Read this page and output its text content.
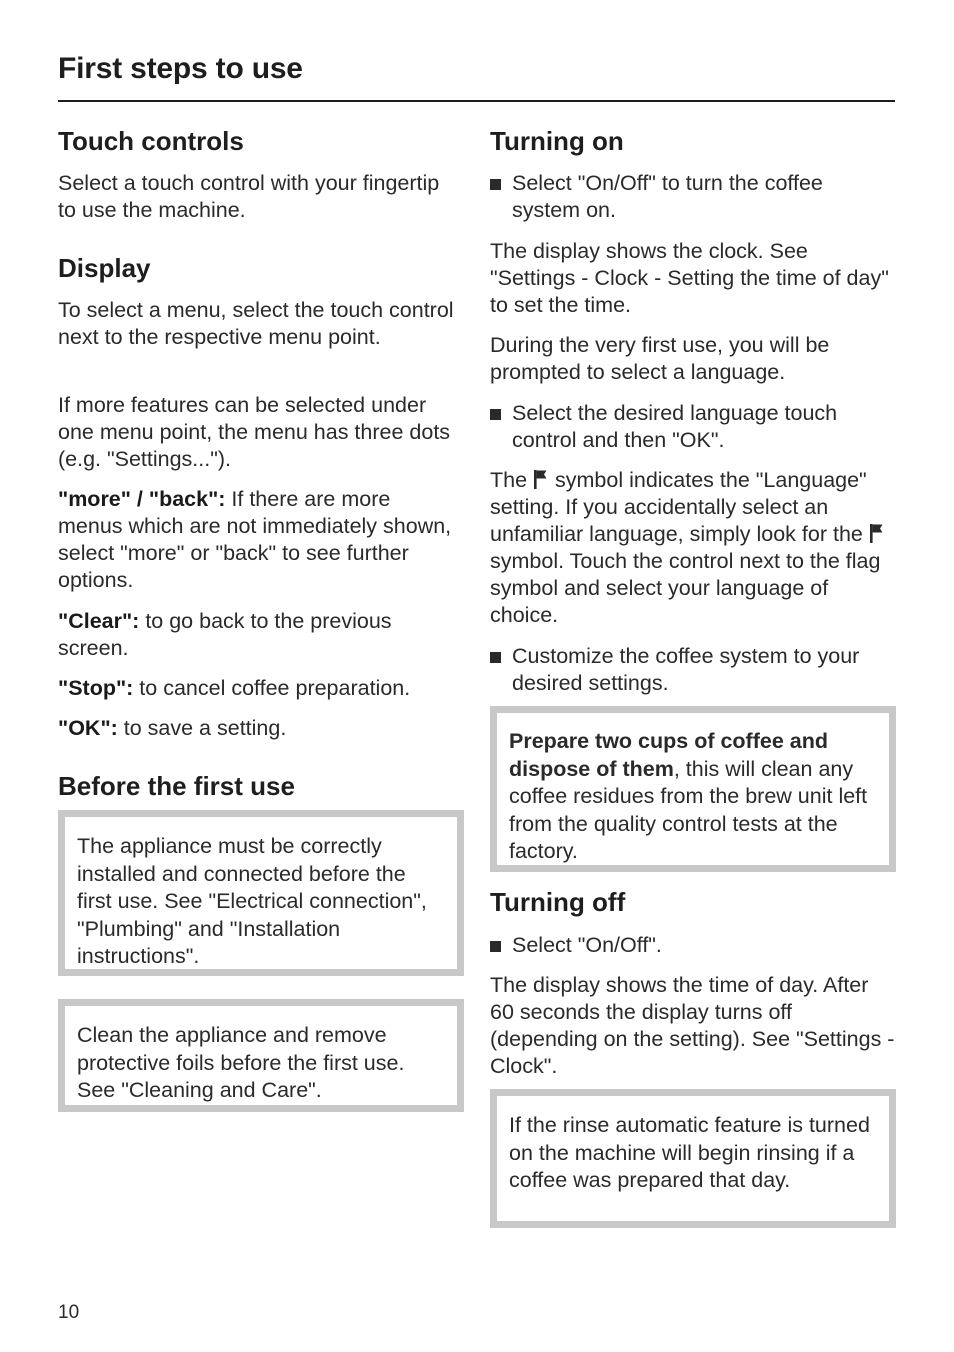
First steps to use
Touch controls

Select a touch control with your fingertip to use the machine.

Display

To select a menu, select the touch control next to the respective menu point.

If more features can be selected under one menu point, the menu has three dots (e.g. "Settings...").

"more" / "back": If there are more menus which are not immediately shown, select "more" or "back" to see further options.

"Clear": to go back to the previous screen.

"Stop": to cancel coffee preparation.

"OK": to save a setting.

Before the first use

The appliance must be correctly installed and connected before the first use. See "Electrical connection", "Plumbing" and "Installation instructions".

Clean the appliance and remove protective foils before the first use. See "Cleaning and Care".

Turning on
Select "On/Off" to turn the coffee system on.

The display shows the clock. See "Settings - Clock - Setting the time of day" to set the time.

During the very first use, you will be prompted to select a language.

Select the desired language touch control and then "OK".

The  symbol indicates the "Language" setting. If you accidentally select an unfamiliar language, simply look for the  symbol. Touch the control next to the flag symbol and select your language of choice.

Customize the coffee system to your desired settings.

Prepare two cups of coffee and dispose of them, this will clean any coffee residues from the brew unit left from the quality control tests at the factory.

Turning off
Select "On/Off".

The display shows the time of day. After 60 seconds the display turns off (depending on the setting). See "Settings - Clock".

If the rinse automatic feature is turned on the machine will begin rinsing if a coffee was prepared that day.

10
